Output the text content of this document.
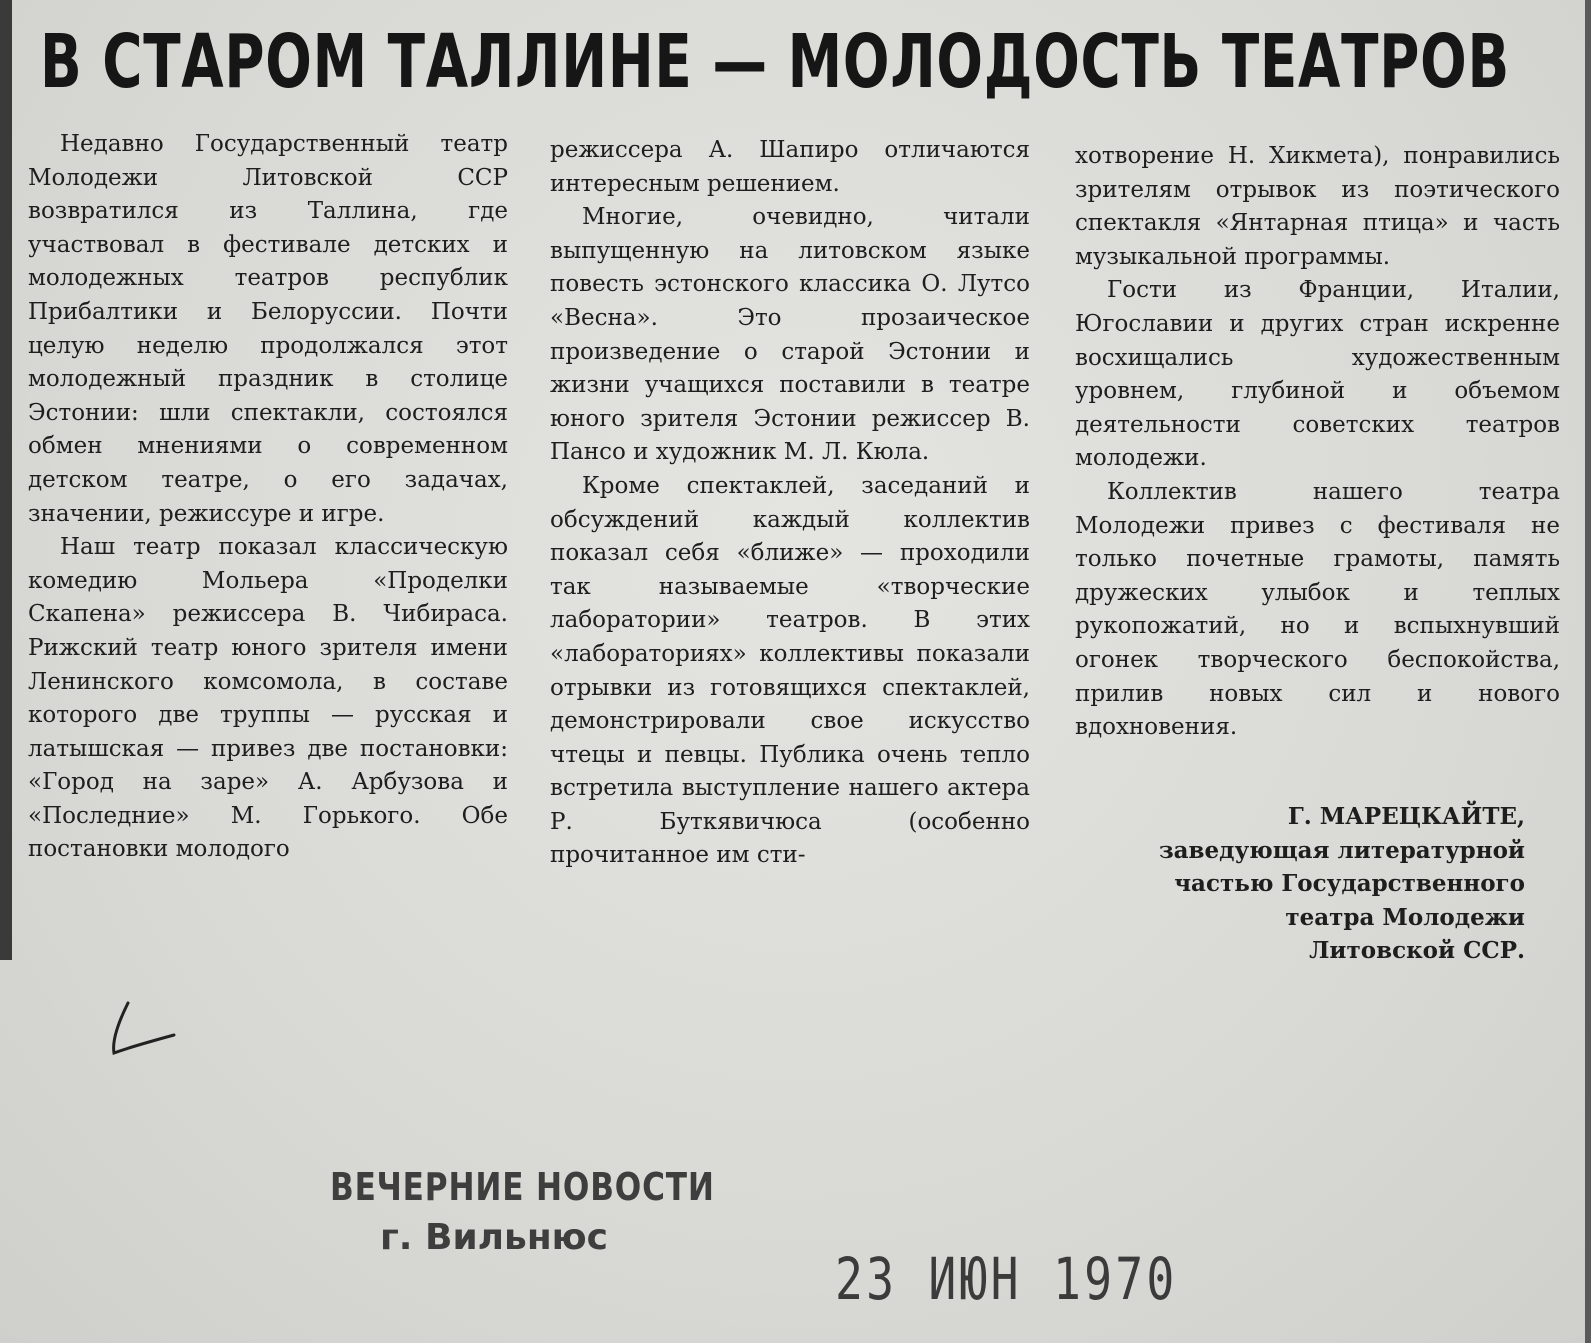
В СТАРОМ ТАЛЛИНЕ — МОЛОДОСТЬ ТЕАТРОВ

Недавно Государственный театр Молодежи Литовской ССР возвратился из Таллина, где участвовал в фестивале детских и молодежных театров республик Прибалтики и Белоруссии. Почти целую неделю продолжался этот молодежный праздник в столице Эстонии: шли спектакли, состоялся обмен мнениями о современном детском театре, о его задачах, значении, режиссуре и игре.

Наш театр показал классическую комедию Мольера «Проделки Скапена» режиссера В. Чибираса. Рижский театр юного зрителя имени Ленинского комсомола, в составе которого две труппы — русская и латышская — привез две постановки: «Город на заре» А. Арбузова и «Последние» М. Горького. Обе постановки молодого

режиссера А. Шапиро отличаются интересным решением.

Многие, очевидно, читали выпущенную на литовском языке повесть эстонского классика О. Лутсо «Весна». Это прозаическое произведение о старой Эстонии и жизни учащихся поставили в театре юного зрителя Эстонии режиссер В. Пансо и художник М. Л. Кюла.

Кроме спектаклей, заседаний и обсуждений каждый коллектив показал себя «ближе» — проходили так называемые «творческие лаборатории» театров. В этих «лабораториях» коллективы показали отрывки из готовящихся спектаклей, демонстрировали свое искусство чтецы и певцы. Публика очень тепло встретила выступление нашего актера Р. Буткявичюса (особенно прочитанное им сти-

хотворение Н. Хикмета), понравились зрителям отрывок из поэтического спектакля «Янтарная птица» и часть музыкальной программы.

Гости из Франции, Италии, Югославии и других стран искренне восхищались художественным уровнем, глубиной и объемом деятельности советских театров молодежи.

Коллектив нашего театра Молодежи привез с фестиваля не только почетные грамоты, память дружеских улыбок и теплых рукопожатий, но и вспыхнувший огонек творческого беспокойства, прилив новых сил и нового вдохновения.

Г. МАРЕЦКАЙТЕ,
заведующая литературной
частью Государственного
театра Молодежи
Литовской ССР.
ВЕЧЕРНИЕ НОВОСТИ
г. Вильнюс
23 ИЮН 1970
